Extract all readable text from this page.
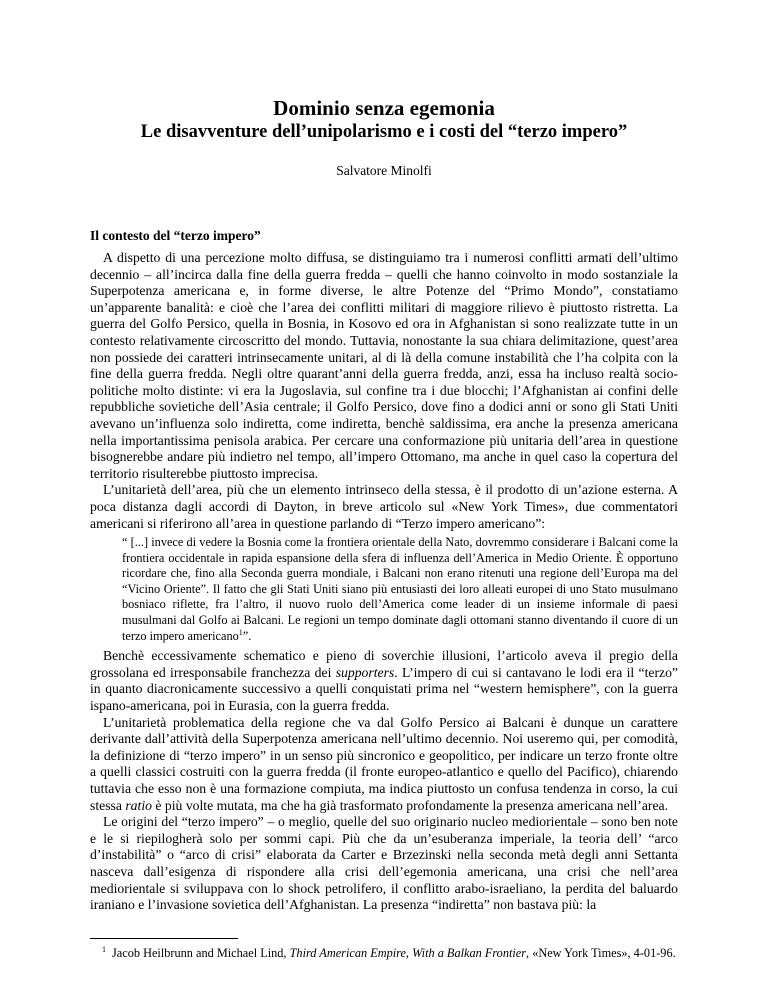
Dominio senza egemonia
Le disavventure dell’unipolarismo e i costi del “terzo impero”

Salvatore Minolfi

Il contesto del “terzo impero”

A dispetto di una percezione molto diffusa, se distinguiamo tra i numerosi conflitti armati dell’ultimo decennio – all’incirca dalla fine della guerra fredda – quelli che hanno coinvolto in modo sostanziale la Superpotenza americana e, in forme diverse, le altre Potenze del “Primo Mondo”, constatiamo un’apparente banalità: e cioè che l’area dei conflitti militari di maggiore rilievo è piuttosto ristretta. La guerra del Golfo Persico, quella in Bosnia, in Kosovo ed ora in Afghanistan si sono realizzate tutte in un contesto relativamente circoscritto del mondo. Tuttavia, nonostante la sua chiara delimitazione, quest’area non possiede dei caratteri intrinsecamente unitari, al di là della comune instabilità che l’ha colpita con la fine della guerra fredda. Negli oltre quarant’anni della guerra fredda, anzi, essa ha incluso realtà socio-politiche molto distinte: vi era la Jugoslavia, sul confine tra i due blocchi; l’Afghanistan ai confini delle repubbliche sovietiche dell’Asia centrale; il Golfo Persico, dove fino a dodici anni or sono gli Stati Uniti avevano un’influenza solo indiretta, come indiretta, benchè saldissima, era anche la presenza americana nella importantissima penisola arabica. Per cercare una conformazione più unitaria dell’area in questione bisognerebbe andare più indietro nel tempo, all’impero Ottomano, ma anche in quel caso la copertura del territorio risulterebbe piuttosto imprecisa.

L’unitarietà dell’area, più che un elemento intrinseco della stessa, è il prodotto di un’azione esterna. A poca distanza dagli accordi di Dayton, in breve articolo sul «New York Times», due commentatori americani si riferirono all’area in questione parlando di “Terzo impero americano”:

“ [...] invece di vedere la Bosnia come la frontiera orientale della Nato, dovremmo considerare i Balcani come la frontiera occidentale in rapida espansione della sfera di influenza dell’America in Medio Oriente. È opportuno ricordare che, fino alla Seconda guerra mondiale, i Balcani non erano ritenuti una regione dell’Europa ma del “Vicino Oriente”. Il fatto che gli Stati Uniti siano più entusiasti dei loro alleati europei di uno Stato musulmano bosniaco riflette, fra l’altro, il nuovo ruolo dell’America come leader di un insieme informale di paesi musulmani dal Golfo ai Balcani. Le regioni un tempo dominate dagli ottomani stanno diventando il cuore di un terzo impero americano$^1$”.

Benchè eccessivamente schematico e pieno di soverchie illusioni, l’articolo aveva il pregio della grossolana ed irresponsabile franchezza dei supporters. L’impero di cui si cantavano le lodi era il “terzo” in quanto diacronicamente successivo a quelli conquistati prima nel “western hemisphere”, con la guerra ispano-americana, poi in Eurasia, con la guerra fredda.

L’unitarietà problematica della regione che va dal Golfo Persico ai Balcani è dunque un carattere derivante dall’attività della Superpotenza americana nell’ultimo decennio. Noi useremo qui, per comodità, la definizione di “terzo impero” in un senso più sincronico e geopolitico, per indicare un terzo fronte oltre a quelli classici costruiti con la guerra fredda (il fronte europeo-atlantico e quello del Pacifico), chiarendo tuttavia che esso non è una formazione compiuta, ma indica piuttosto un confusa tendenza in corso, la cui stessa ratio è più volte mutata, ma che ha già trasformato profondamente la presenza americana nell’area.

Le origini del “terzo impero” – o meglio, quelle del suo originario nucleo mediorientale – sono ben note e le si riepilogherà solo per sommi capi. Più che da un’esuberanza imperiale, la teoria dell’ “arco d’instabilità” o “arco di crisi” elaborata da Carter e Brzezinski nella seconda metà degli anni Settanta nasceva dall’esigenza di rispondere alla crisi dell’egemonia americana, una crisi che nell’area mediorientale si sviluppava con lo shock petrolifero, il conflitto arabo-israeliano, la perdita del baluardo iraniano e l’invasione sovietica dell’Afghanistan. La presenza “indiretta” non bastava più: la

$^1$ Jacob Heilbrunn and Michael Lind, Third American Empire, With a Balkan Frontier, «New York Times», 4-01-96.
